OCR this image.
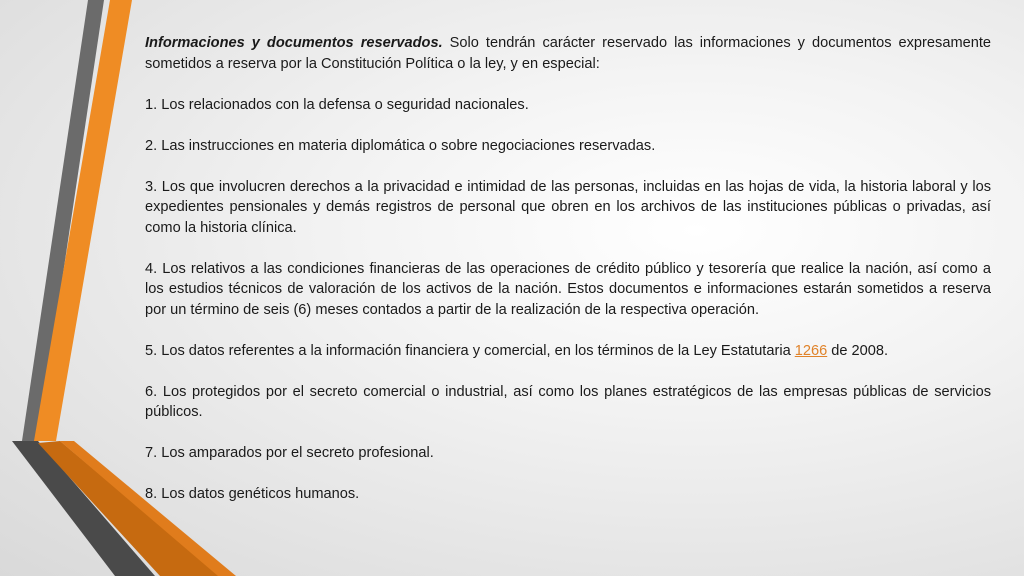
Informaciones y documentos reservados. Solo tendrán carácter reservado las informaciones y documentos expresamente sometidos a reserva por la Constitución Política o la ley, y en especial:

1. Los relacionados con la defensa o seguridad nacionales.

2. Las instrucciones en materia diplomática o sobre negociaciones reservadas.

3. Los que involucren derechos a la privacidad e intimidad de las personas, incluidas en las hojas de vida, la historia laboral y los expedientes pensionales y demás registros de personal que obren en los archivos de las instituciones públicas o privadas, así como la historia clínica.

4. Los relativos a las condiciones financieras de las operaciones de crédito público y tesorería que realice la nación, así como a los estudios técnicos de valoración de los activos de la nación. Estos documentos e informaciones estarán sometidos a reserva por un término de seis (6) meses contados a partir de la realización de la respectiva operación.

5. Los datos referentes a la información financiera y comercial, en los términos de la Ley Estatutaria 1266 de 2008.

6. Los protegidos por el secreto comercial o industrial, así como los planes estratégicos de las empresas públicas de servicios públicos.

7. Los amparados por el secreto profesional.

8. Los datos genéticos humanos.
